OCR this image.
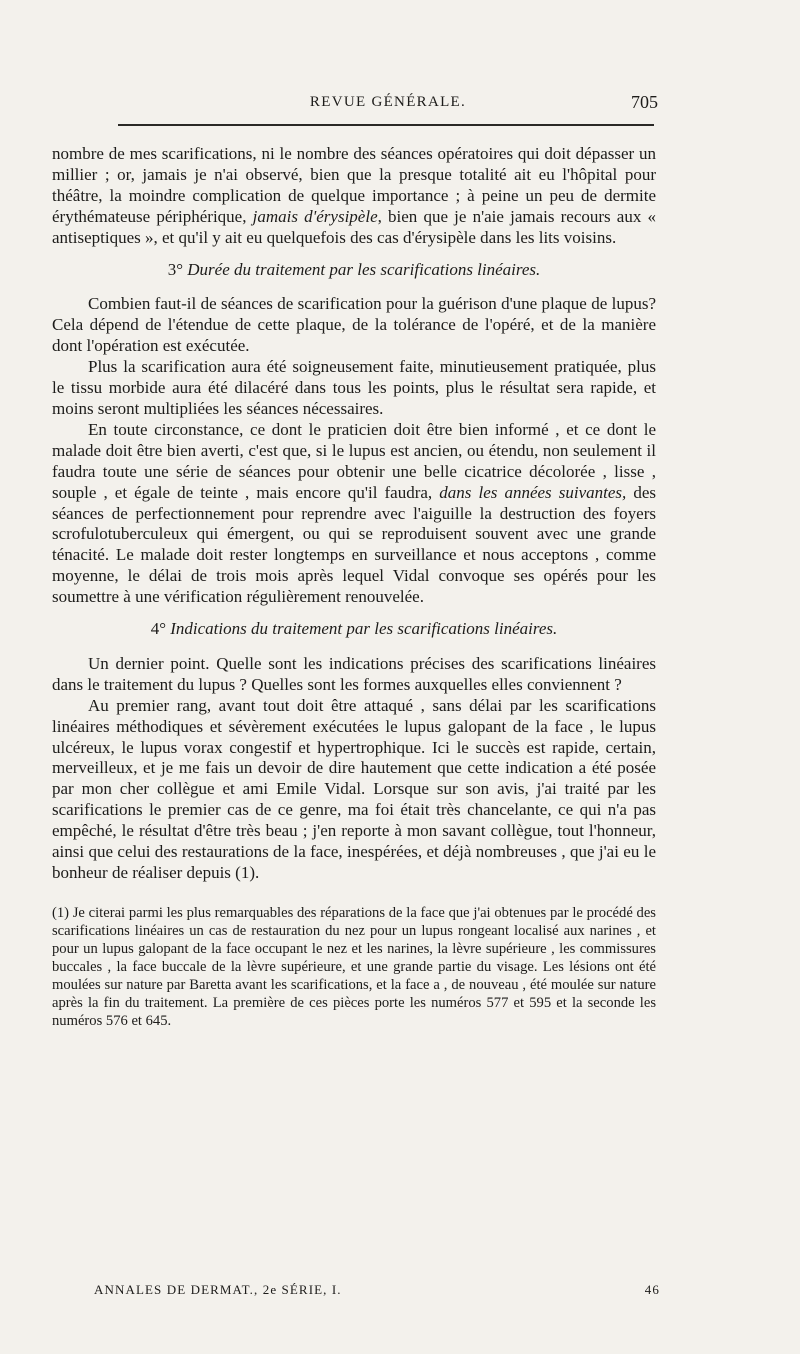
REVUE GÉNÉRALE.	705

nombre de mes scarifications, ni le nombre des séances opératoires qui doit dépasser un millier ; or, jamais je n'ai observé, bien que la presque totalité ait eu l'hôpital pour théâtre, la moindre complication de quelque importance ; à peine un peu de dermite érythémateuse périphérique, jamais d'érysipèle, bien que je n'aie jamais recours aux « antiseptiques », et qu'il y ait eu quelquefois des cas d'érysipèle dans les lits voisins.

3° Durée du traitement par les scarifications linéaires.

Combien faut-il de séances de scarification pour la guérison d'une plaque de lupus? Cela dépend de l'étendue de cette plaque, de la tolérance de l'opéré, et de la manière dont l'opération est exécutée.

Plus la scarification aura été soigneusement faite, minutieusement pratiquée, plus le tissu morbide aura été dilacéré dans tous les points, plus le résultat sera rapide, et moins seront multipliées les séances nécessaires.

En toute circonstance, ce dont le praticien doit être bien informé , et ce dont le malade doit être bien averti, c'est que, si le lupus est ancien, ou étendu, non seulement il faudra toute une série de séances pour obtenir une belle cicatrice décolorée , lisse , souple , et égale de teinte , mais encore qu'il faudra, dans les années suivantes, des séances de perfectionnement pour reprendre avec l'aiguille la destruction des foyers scrofulotuberculeux qui émergent, ou qui se reproduisent souvent avec une grande ténacité. Le malade doit rester longtemps en surveillance et nous acceptons , comme moyenne, le délai de trois mois après lequel Vidal convoque ses opérés pour les soumettre à une vérification régulièrement renouvelée.

4° Indications du traitement par les scarifications linéaires.

Un dernier point. Quelle sont les indications précises des scarifications linéaires dans le traitement du lupus ? Quelles sont les formes auxquelles elles conviennent ?

Au premier rang, avant tout doit être attaqué , sans délai par les scarifications linéaires méthodiques et sévèrement exécutées le lupus galopant de la face , le lupus ulcéreux, le lupus vorax congestif et hypertrophique. Ici le succès est rapide, certain, merveilleux, et je me fais un devoir de dire hautement que cette indication a été posée par mon cher collègue et ami Emile Vidal. Lorsque sur son avis, j'ai traité par les scarifications le premier cas de ce genre, ma foi était très chancelante, ce qui n'a pas empêché, le résultat d'être très beau ; j'en reporte à mon savant collègue, tout l'honneur, ainsi que celui des restaurations de la face, inespérées, et déjà nombreuses , que j'ai eu le bonheur de réaliser depuis (1).

(1) Je citerai parmi les plus remarquables des réparations de la face que j'ai obtenues par le procédé des scarifications linéaires un cas de restauration du nez pour un lupus rongeant localisé aux narines , et pour un lupus galopant de la face occupant le nez et les narines, la lèvre supérieure , les commissures buccales , la face buccale de la lèvre supérieure, et une grande partie du visage. Les lésions ont été moulées sur nature par Baretta avant les scarifications, et la face a , de nouveau , été moulée sur nature après la fin du traitement. La première de ces pièces porte les numéros 577 et 595 et la seconde les numéros 576 et 645.

ANNALES DE DERMAT., 2e SÉRIE, I.	46
